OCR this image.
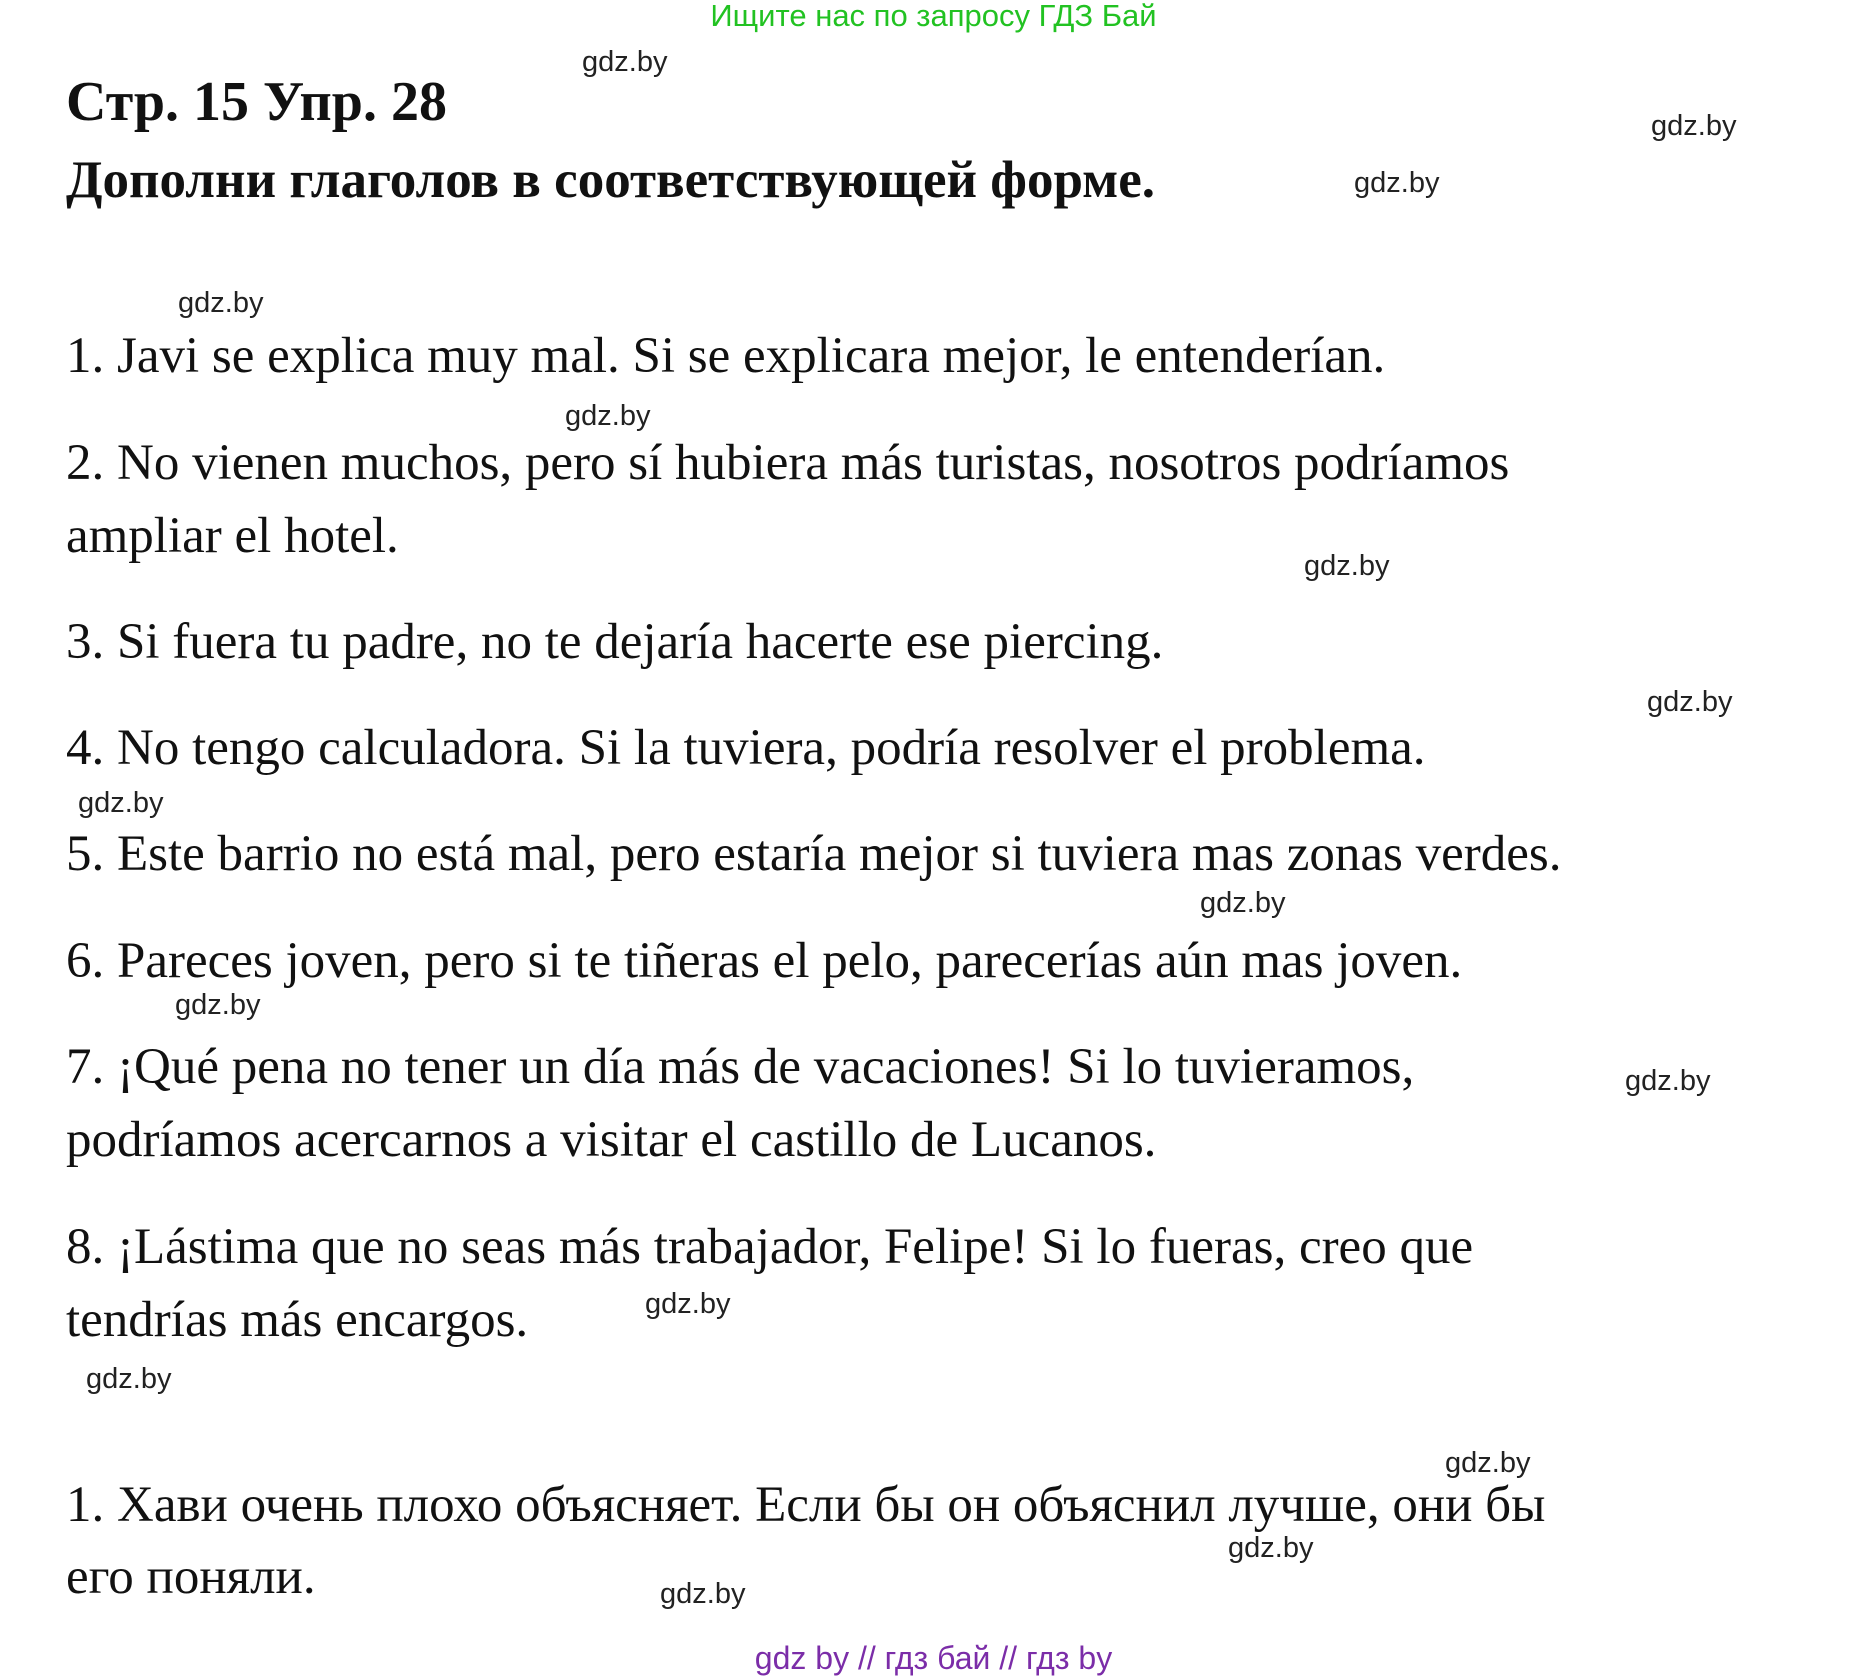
Ищите нас по запросу ГДЗ Бай
Стр. 15 Упр. 28
Дополни глаголов в соответствующей форме.
1. Javi se explica muy mal. Si se explicara mejor, le entenderían.
2. No vienen muchos, pero sí hubiera más turistas, nosotros podríamos
ampliar el hotel.
3. Si fuera tu padre, no te dejaría hacerte ese piercing.
4. No tengo calculadora. Si la tuviera, podría resolver el problema.
5. Este barrio no está mal, pero estaría mejor si tuviera mas zonas verdes.
6. Pareces joven, pero si te tiñeras el pelo, parecerías aún mas joven.
7. ¡Qué pena no tener un día más de vacaciones! Si lo tuvieramos,
podríamos acercarnos a visitar el castillo de Lucanos.
8. ¡Lástima que no seas más trabajador, Felipe! Si lo fueras, creo que
tendrías más encargos.
1. Хави очень плохо объясняет. Если бы он объяснил лучше, они бы
его поняли.
gdz.by
gdz.by
gdz.by
gdz.by
gdz.by
gdz.by
gdz.by
gdz.by
gdz.by
gdz.by
gdz.by
gdz.by
gdz.by
gdz.by
gdz.by
gdz.by
gdz by // гдз бай // гдз by
